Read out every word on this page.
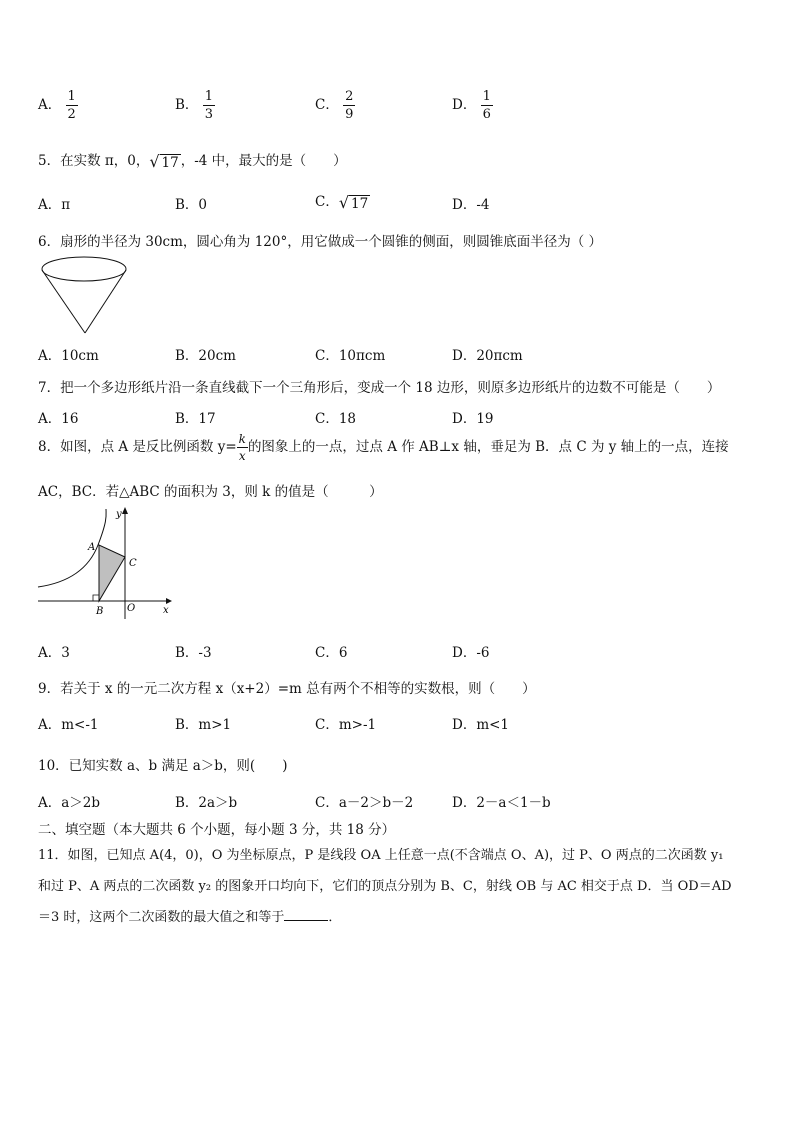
A． $\frac{1}{2}$	B． $\frac{1}{3}$	C． $\frac{2}{9}$	D． $\frac{1}{6}$
5．在实数 π，0，√ 17 ，-4 中，最大的是（　　）
A．π	B．0	C．√ 17	D．-4
6．扇形的半径为 30cm，圆心角为 120°，用它做成一个圆锥的侧面，则圆锥底面半径为（ ）
A．10cm	B．20cm	C．10πcm	D．20πcm
7．把一个多边形纸片沿一条直线截下一个三角形后，变成一个 18 边形，则原多边形纸片的边数不可能是（　　）
A．16	B．17	C．18	D．19
8．如图，点 A 是反比例函数 $y= \frac{k}{x}$ 的图象上的一点，过点 A 作 AB⊥x 轴，垂足为 B．点 C 为 y 轴上的一点，连接
AC，BC．若△ABC 的面积为 3，则 k 的值是（　　　）
y
x
A
B
C
O
A．3	B．-3	C．6	D．-6
9．若关于 x 的一元二次方程 x（x+2）=m 总有两个不相等的实数根，则（　　）
A．m<-1	B．m>1	C．m>-1	D．m<1
10．已知实数 a、b 满足 a＞b，则(　　)
A．a＞2b	B．2a＞b	C．a－2＞b－2	D．2－a＜1－b
二、填空题（本大题共 6 个小题，每小题 3 分，共 18 分）
11．如图，已知点 A(4，0)，O 为坐标原点，P 是线段 OA 上任意一点(不含端点 O、A)，过 P、O 两点的二次函数 y₁
和过 P、A 两点的二次函数 y₂ 的图象开口均向下，它们的顶点分别为 B、C，射线 OB 与 AC 相交于点 D．当 OD＝AD
＝3 时，这两个二次函数的最大值之和等于	．
